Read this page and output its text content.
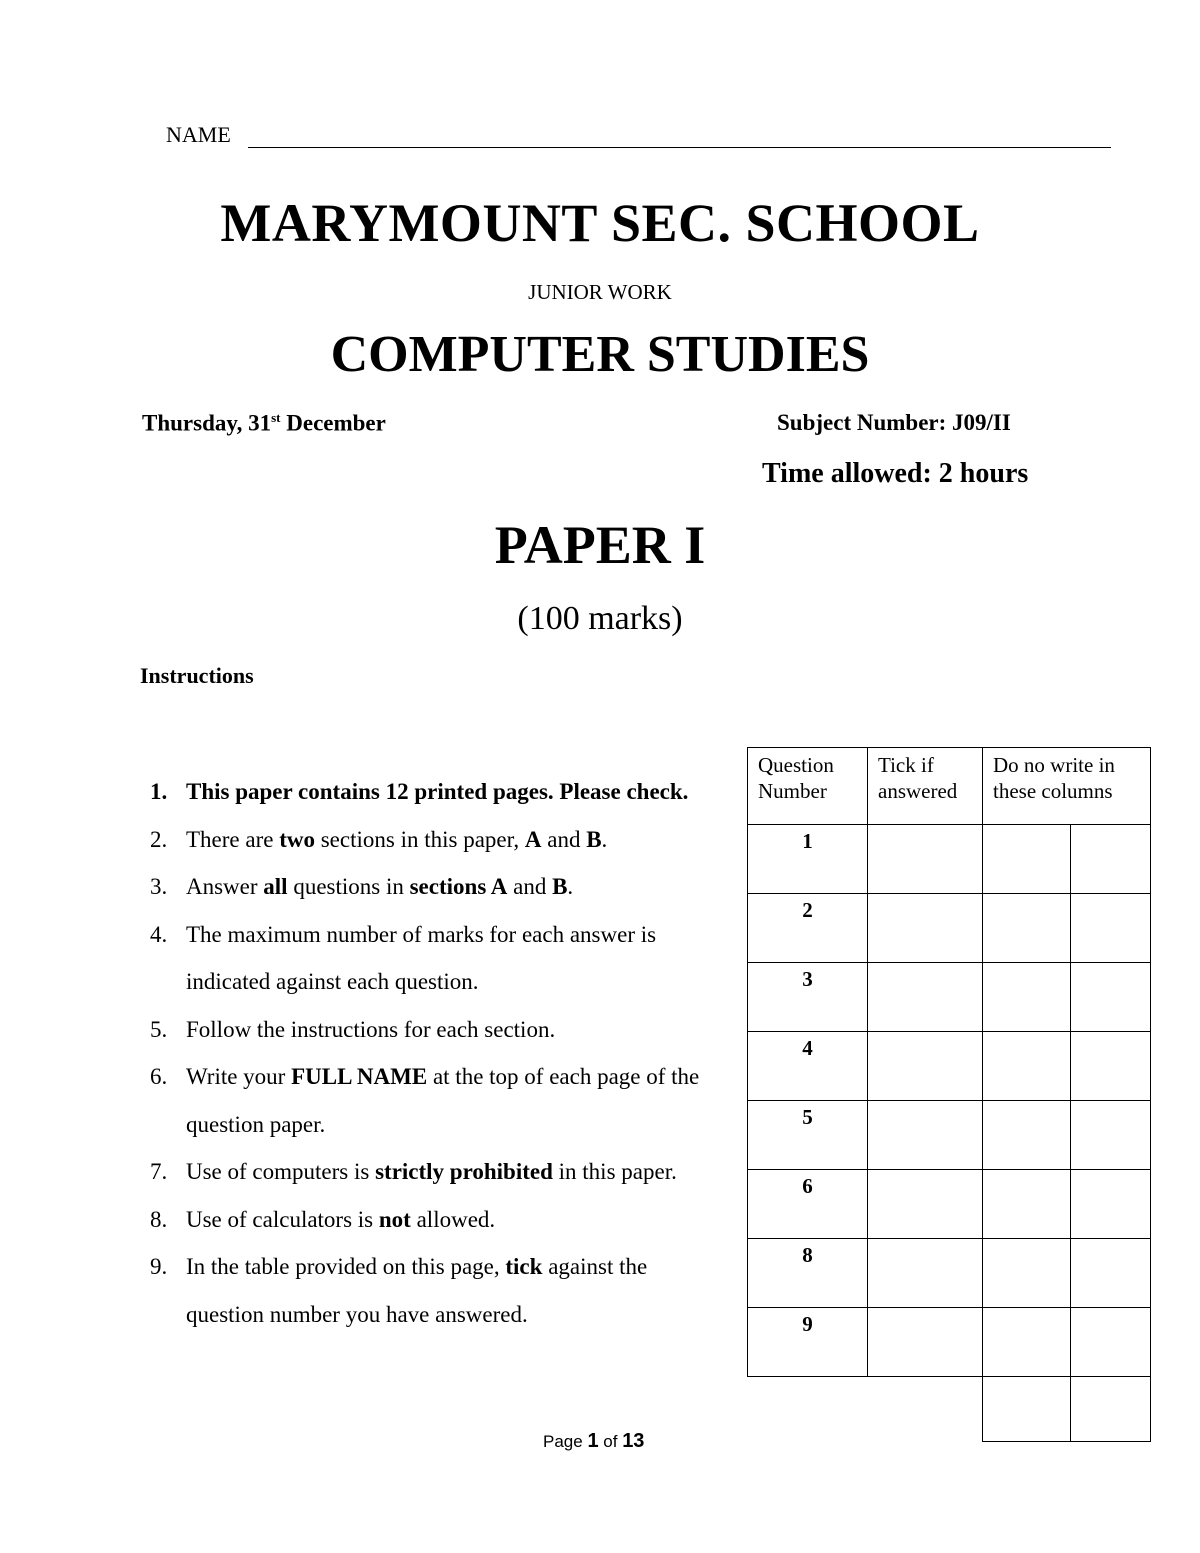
NAME
MARYMOUNT SEC. SCHOOL
JUNIOR WORK
COMPUTER STUDIES
Thursday, 31st December	Subject Number: J09/II
Time allowed: 2 hours
PAPER I
(100 marks)
Instructions
1. This paper contains 12 printed pages. Please check.
2. There are two sections in this paper, A and B.
3. Answer all questions in sections A and B.
4. The maximum number of marks for each answer is indicated against each question.
5. Follow the instructions for each section.
6. Write your FULL NAME at the top of each page of the question paper.
7. Use of computers is strictly prohibited in this paper.
8. Use of calculators is not allowed.
9. In the table provided on this page, tick against the question number you have answered.
Question Number	Tick if answered	Do no write in these columns	
1			
2			
3			
4			
5			
6			
8			
9			

Page 1 of 13
